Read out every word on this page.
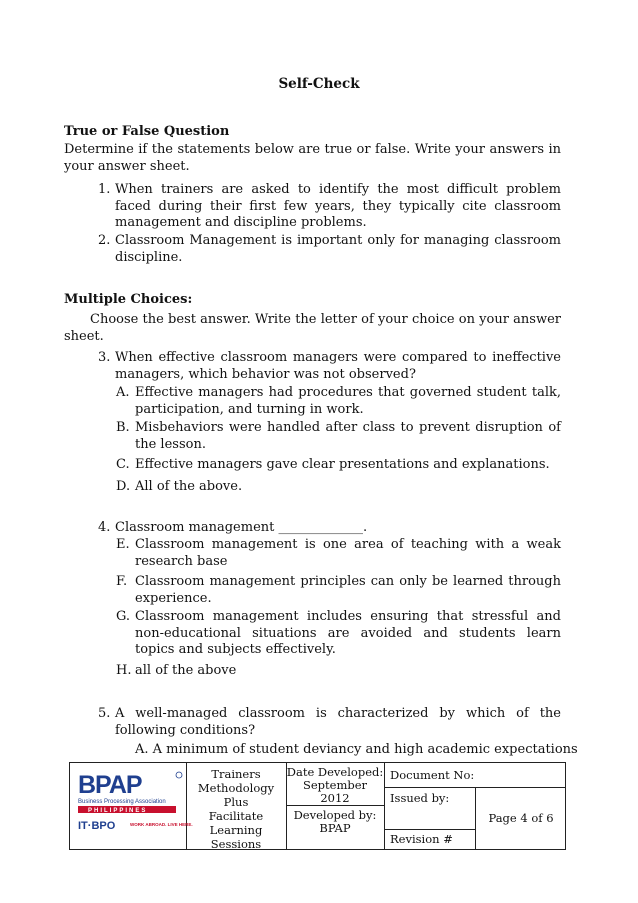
Self-Check
True or False Question
Determine if the statements below are true or false. Write your answers in your answer sheet.
1. When trainers are asked to identify the most difficult problem faced during their first few years, they typically cite classroom management and discipline problems.
2. Classroom Management is important only for managing classroom discipline.
Multiple Choices:
Choose the best answer. Write the letter of your choice on your answer sheet.
3. When effective classroom managers were compared to ineffective managers, which behavior was not observed?
A. Effective managers had procedures that governed student talk, participation, and turning in work.
B. Misbehaviors were handled after class to prevent disruption of the lesson.
C. Effective managers gave clear presentations and explanations.
D. All of the above.
4. Classroom management _____________.
E. Classroom management is one area of teaching with a weak research base
F. Classroom management principles can only be learned through experience.
G. Classroom management includes ensuring that stressful and non-educational situations are avoided and students learn topics and subjects effectively.
H. all of the above
5. A well-managed classroom is characterized by which of the following conditions?
A. A minimum of student deviancy and high academic expectations
BPAP
Business Processing Association
PHILIPPINES
IT·BPO	WORK ABROAD. LIVE HERE.
Trainers
Methodology
Plus
Facilitate
Learning
Sessions
Date Developed:
September
2012
Developed by:
BPAP
Document No:
Issued by:
Revision #
Page 4 of 6
